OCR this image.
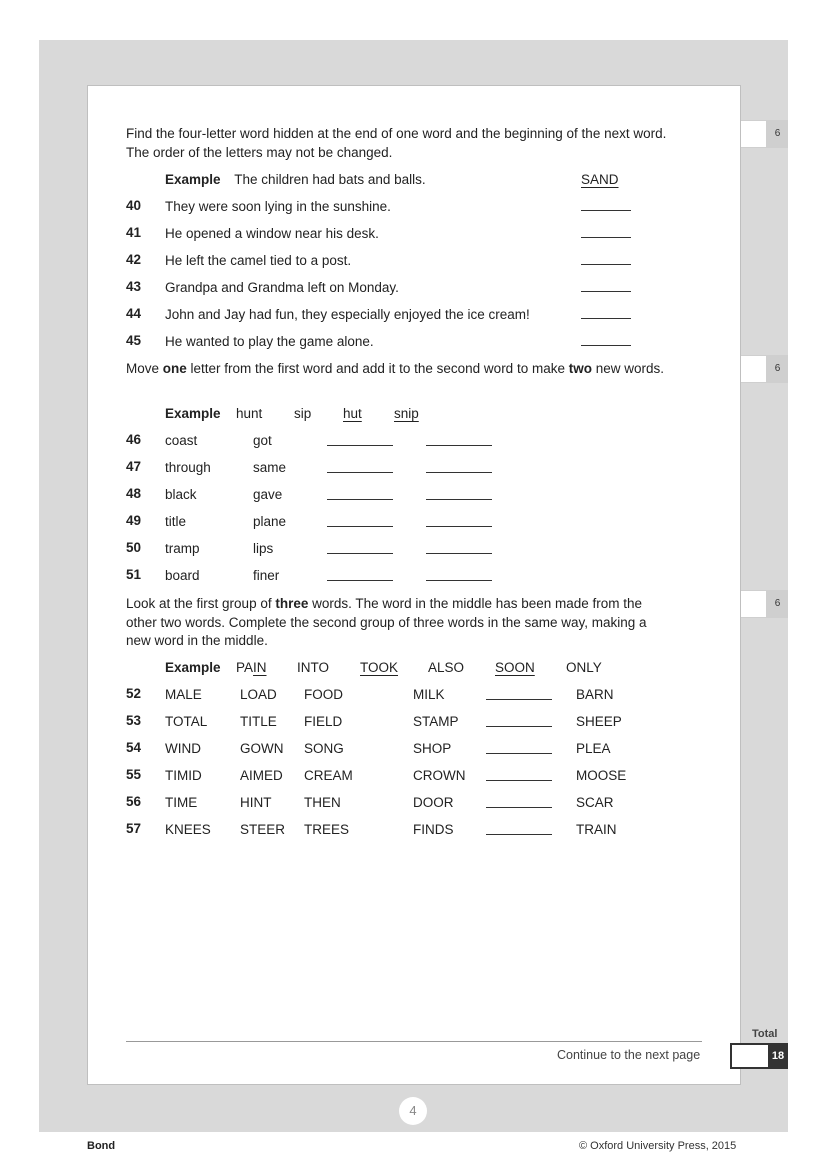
Find the four-letter word hidden at the end of one word and the beginning of the next word. The order of the letters may not be changed.
Example The children had bats and balls.	SAND
6
40 They were soon lying in the sunshine.
41 He opened a window near his desk.
42 He left the camel tied to a post.
43 Grandpa and Grandma left on Monday.
44 John and Jay had fun, they especially enjoyed the ice cream!
45 He wanted to play the game alone.
Move one letter from the first word and add it to the second word to make two new words.	6
Example hunt sip hut snip
46 coast	got
47 through	same
48 black	gave
49 title	plane
50 tramp	lips
51 board	finer
Look at the first group of three words. The word in the middle has been made from the other two words. Complete the second group of three words in the same way, making a new word in the middle.
6
Example PAIN INTO TOOK ALSO SOON ONLY
52 MALE	LOAD FOOD	MILK	BARN
53 TOTAL TITLE FIELD	STAMP	SHEEP
54 WIND	GOWN SONG	SHOP	PLEA
55 TIMID	AIMED CREAM	CROWN	MOOSE
56 TIME	HINT THEN	DOOR	SCAR
57 KNEES STEER TREES	FINDS	TRAIN
Total
18
Continue to the next page
4
Bond	© Oxford University Press, 2015
